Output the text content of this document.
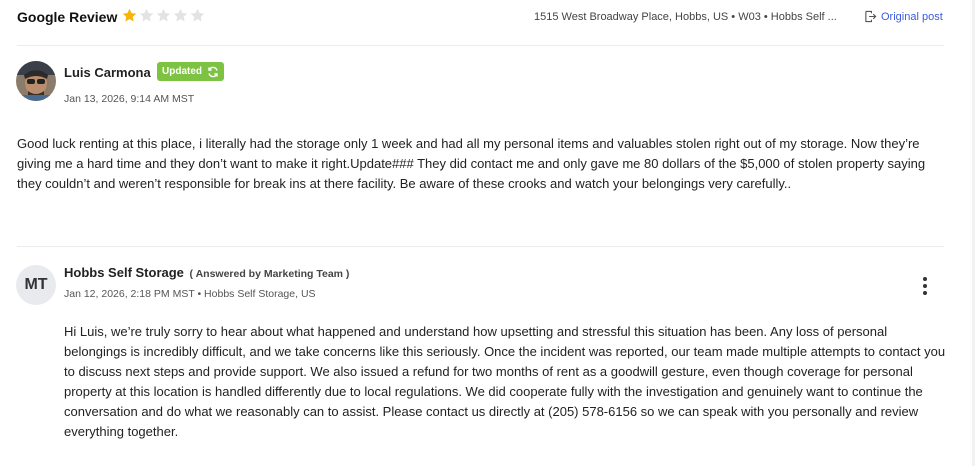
Google Review	1515 West Broadway Place, Hobbs, US • W03 • Hobbs Self ...	Original post
Luis Carmona Updated
Jan 13, 2026, 9:14 AM MST
Good luck renting at this place, i literally had the storage only 1 week and had all my personal items and valuables stolen right out of my storage. Now they’re giving me a hard time and they don’t want to make it right.Update### They did contact me and only gave me 80 dollars of the $5,000 of stolen property saying they couldn’t and weren’t responsible for break ins at there facility. Be aware of these crooks and watch your belongings very carefully..
MT
Hobbs Self Storage ( Answered by Marketing Team )
Jan 12, 2026, 2:18 PM MST • Hobbs Self Storage, US
Hi Luis, we’re truly sorry to hear about what happened and understand how upsetting and stressful this situation has been. Any loss of personal belongings is incredibly difficult, and we take concerns like this seriously. Once the incident was reported, our team made multiple attempts to contact you to discuss next steps and provide support. We also issued a refund for two months of rent as a goodwill gesture, even though coverage for personal property at this location is handled differently due to local regulations. We did cooperate fully with the investigation and genuinely want to continue the conversation and do what we reasonably can to assist. Please contact us directly at (205) 578-6156 so we can speak with you personally and review everything together.
